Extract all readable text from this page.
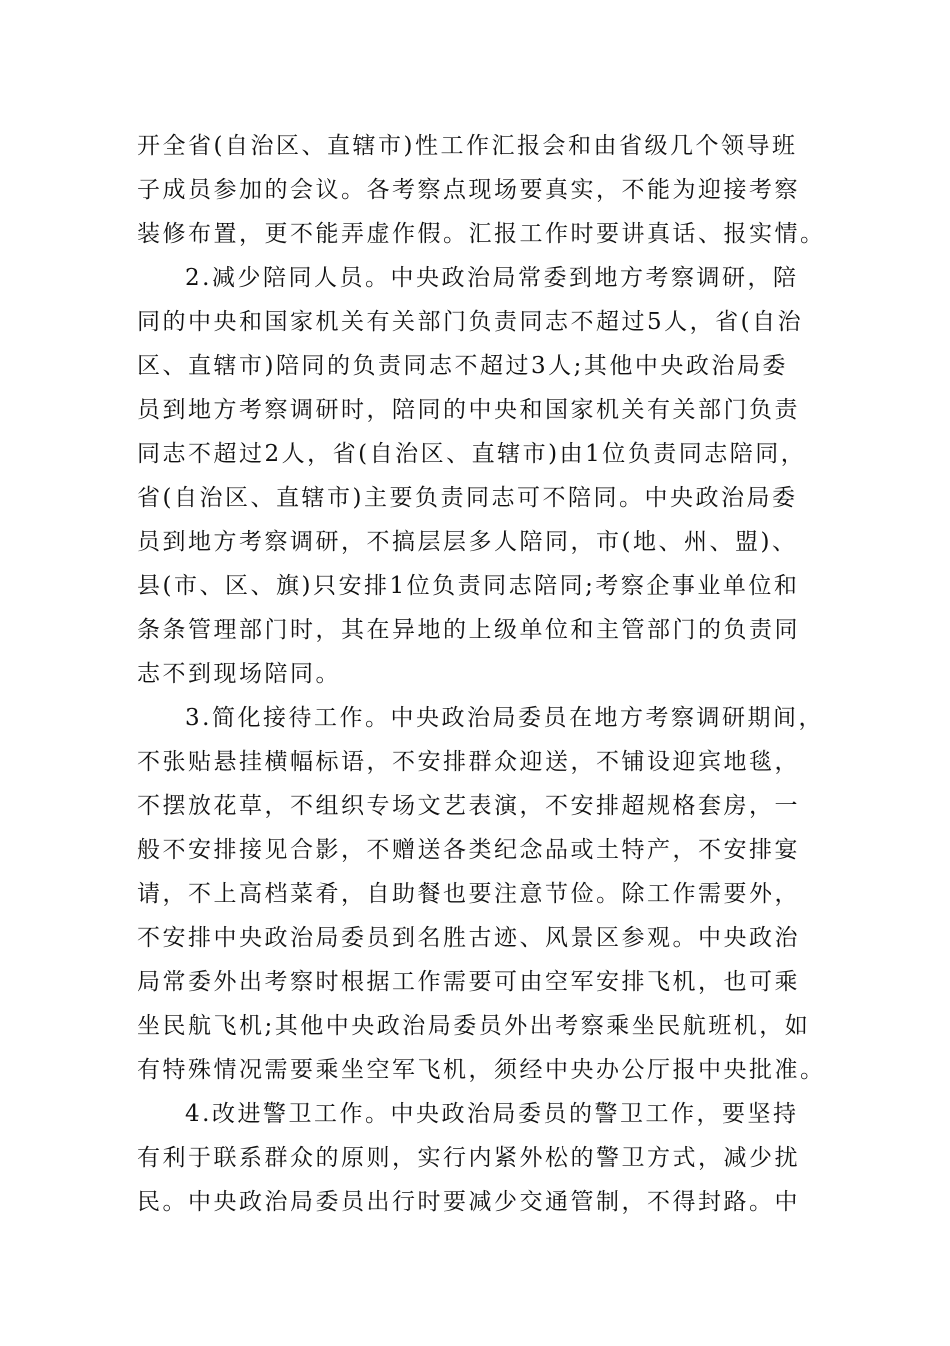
开全省(自治区、直辖市)性工作汇报会和由省级几个领导班
子成员参加的会议。各考察点现场要真实，不能为迎接考察
装修布置，更不能弄虚作假。汇报工作时要讲真话、报实情。
2.减少陪同人员。中央政治局常委到地方考察调研，陪
同的中央和国家机关有关部门负责同志不超过5人，省(自治
区、直辖市)陪同的负责同志不超过3人;其他中央政治局委
员到地方考察调研时，陪同的中央和国家机关有关部门负责
同志不超过2人，省(自治区、直辖市)由1位负责同志陪同，
省(自治区、直辖市)主要负责同志可不陪同。中央政治局委
员到地方考察调研，不搞层层多人陪同，市(地、州、盟)、
县(市、区、旗)只安排1位负责同志陪同;考察企事业单位和
条条管理部门时，其在异地的上级单位和主管部门的负责同
志不到现场陪同。
3.简化接待工作。中央政治局委员在地方考察调研期间，
不张贴悬挂横幅标语，不安排群众迎送，不铺设迎宾地毯，
不摆放花草，不组织专场文艺表演，不安排超规格套房，一
般不安排接见合影，不赠送各类纪念品或土特产，不安排宴
请，不上高档菜肴，自助餐也要注意节俭。除工作需要外，
不安排中央政治局委员到名胜古迹、风景区参观。中央政治
局常委外出考察时根据工作需要可由空军安排飞机，也可乘
坐民航飞机;其他中央政治局委员外出考察乘坐民航班机，如
有特殊情况需要乘坐空军飞机，须经中央办公厅报中央批准。
4.改进警卫工作。中央政治局委员的警卫工作，要坚持
有利于联系群众的原则，实行内紧外松的警卫方式，减少扰
民。中央政治局委员出行时要减少交通管制，不得封路。中
